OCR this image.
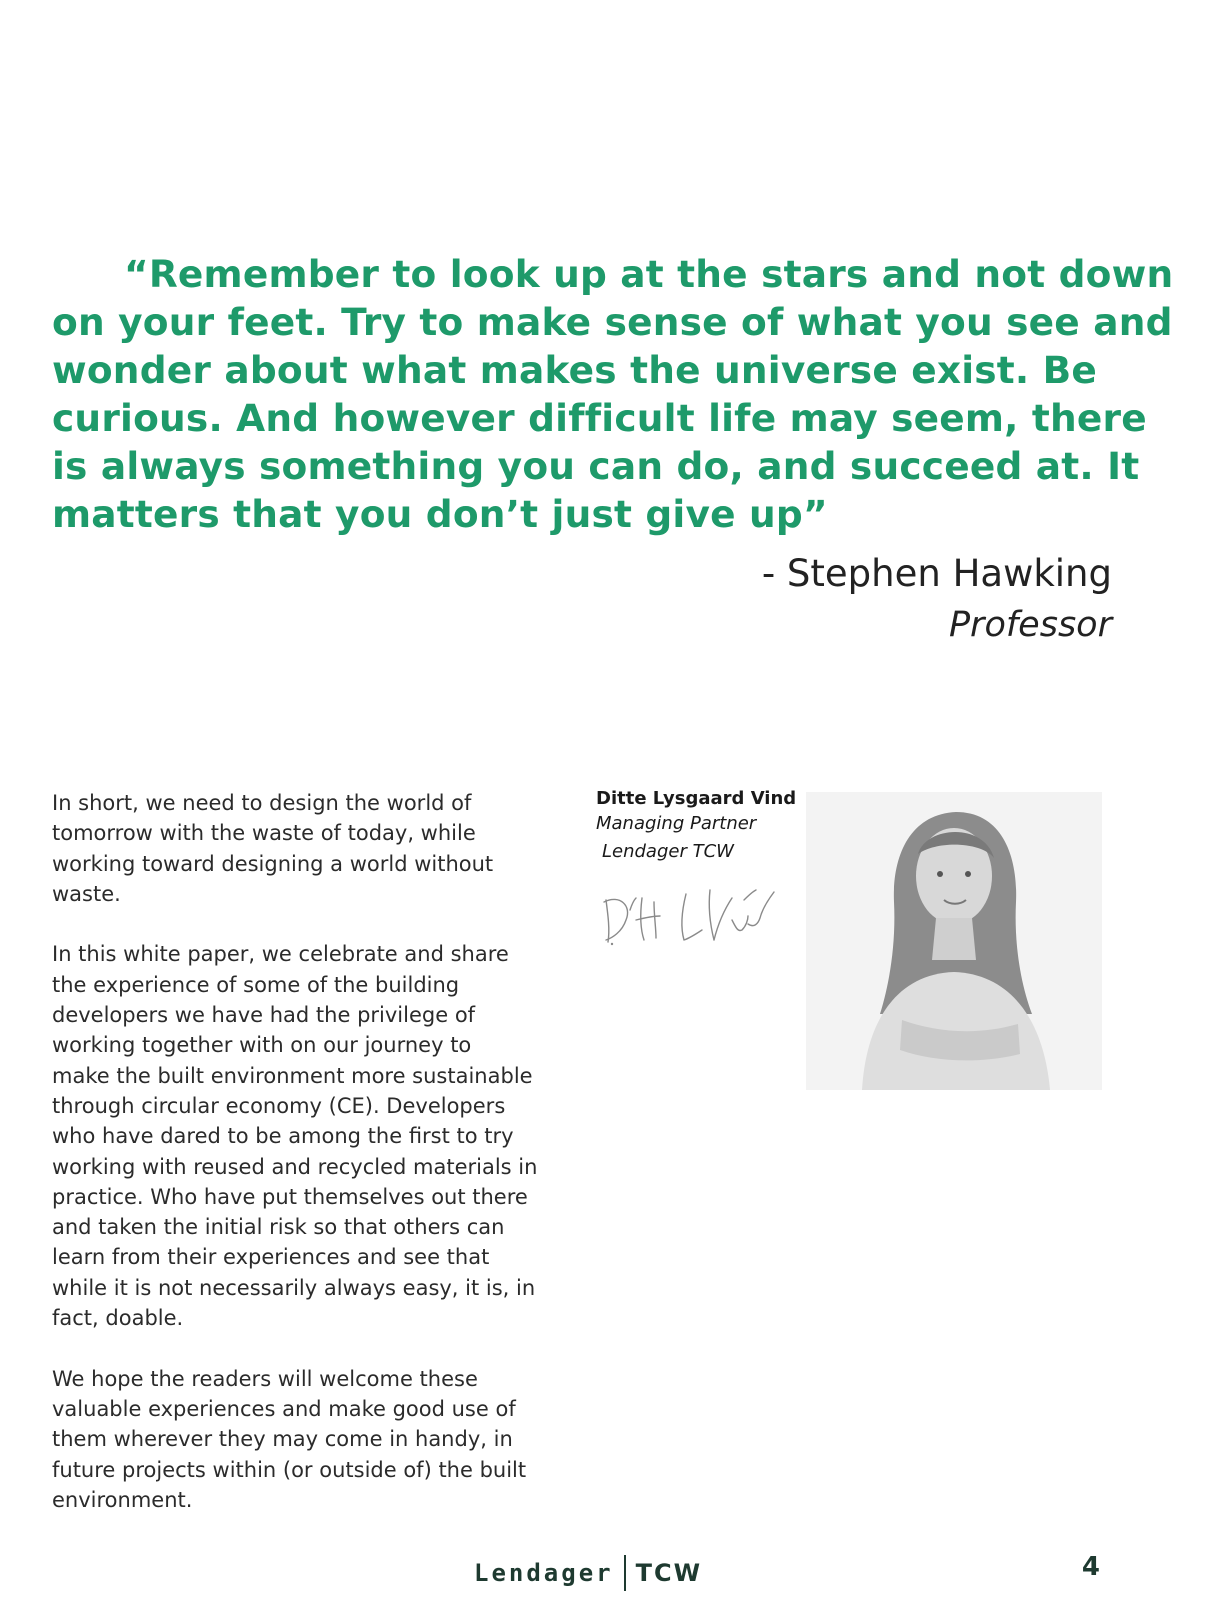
“Remember to look up at the stars and not down
on your feet. Try to make sense of what you see and
wonder about what makes the universe exist. Be
curious. And however difficult life may seem, there
is always something you can do, and succeed at. It
matters that you don’t just give up”
- Stephen Hawking
Professor

In short, we need to design the world of
tomorrow with the waste of today, while
working toward designing a world without
waste.

In this white paper, we celebrate and share
the experience of some of the building
developers we have had the privilege of
working together with on our journey to
make the built environment more sustainable
through circular economy (CE). Developers
who have dared to be among the first to try
working with reused and recycled materials in
practice. Who have put themselves out there
and taken the initial risk so that others can
learn from their experiences and see that
while it is not necessarily always easy, it is, in
fact, doable.

We hope the readers will welcome these
valuable experiences and make good use of
them wherever they may come in handy, in
future projects within (or outside of) the built
environment.

Ditte Lysgaard Vind
Managing Partner
Lendager TCW
Lendager TCW	4
